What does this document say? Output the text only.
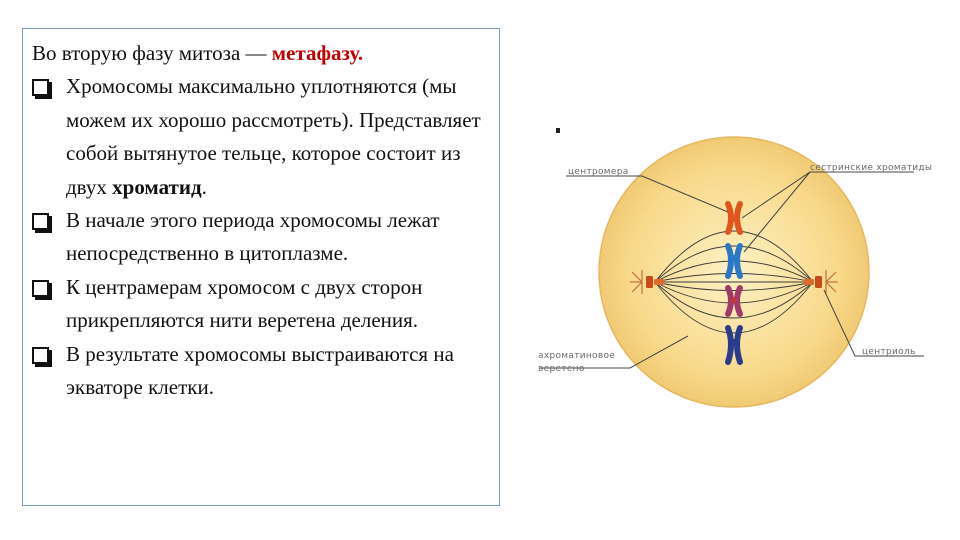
Во вторую фазу митоза — метафазу.

Хромосомы максимально уплотняются (мы можем их хорошо рассмотреть). Представляет собой вытянутое тельце, которое состоит из двух хроматид.
В начале этого периода хромосомы лежат непосредственно в цитоплазме.
К центрамерам хромосом с двух сторон прикрепляются нити веретена деления.
В результате хромосомы выстраиваются на экваторе клетки.
центромера	сестринские хроматиды
ахроматиновое
веретено
центриоль
